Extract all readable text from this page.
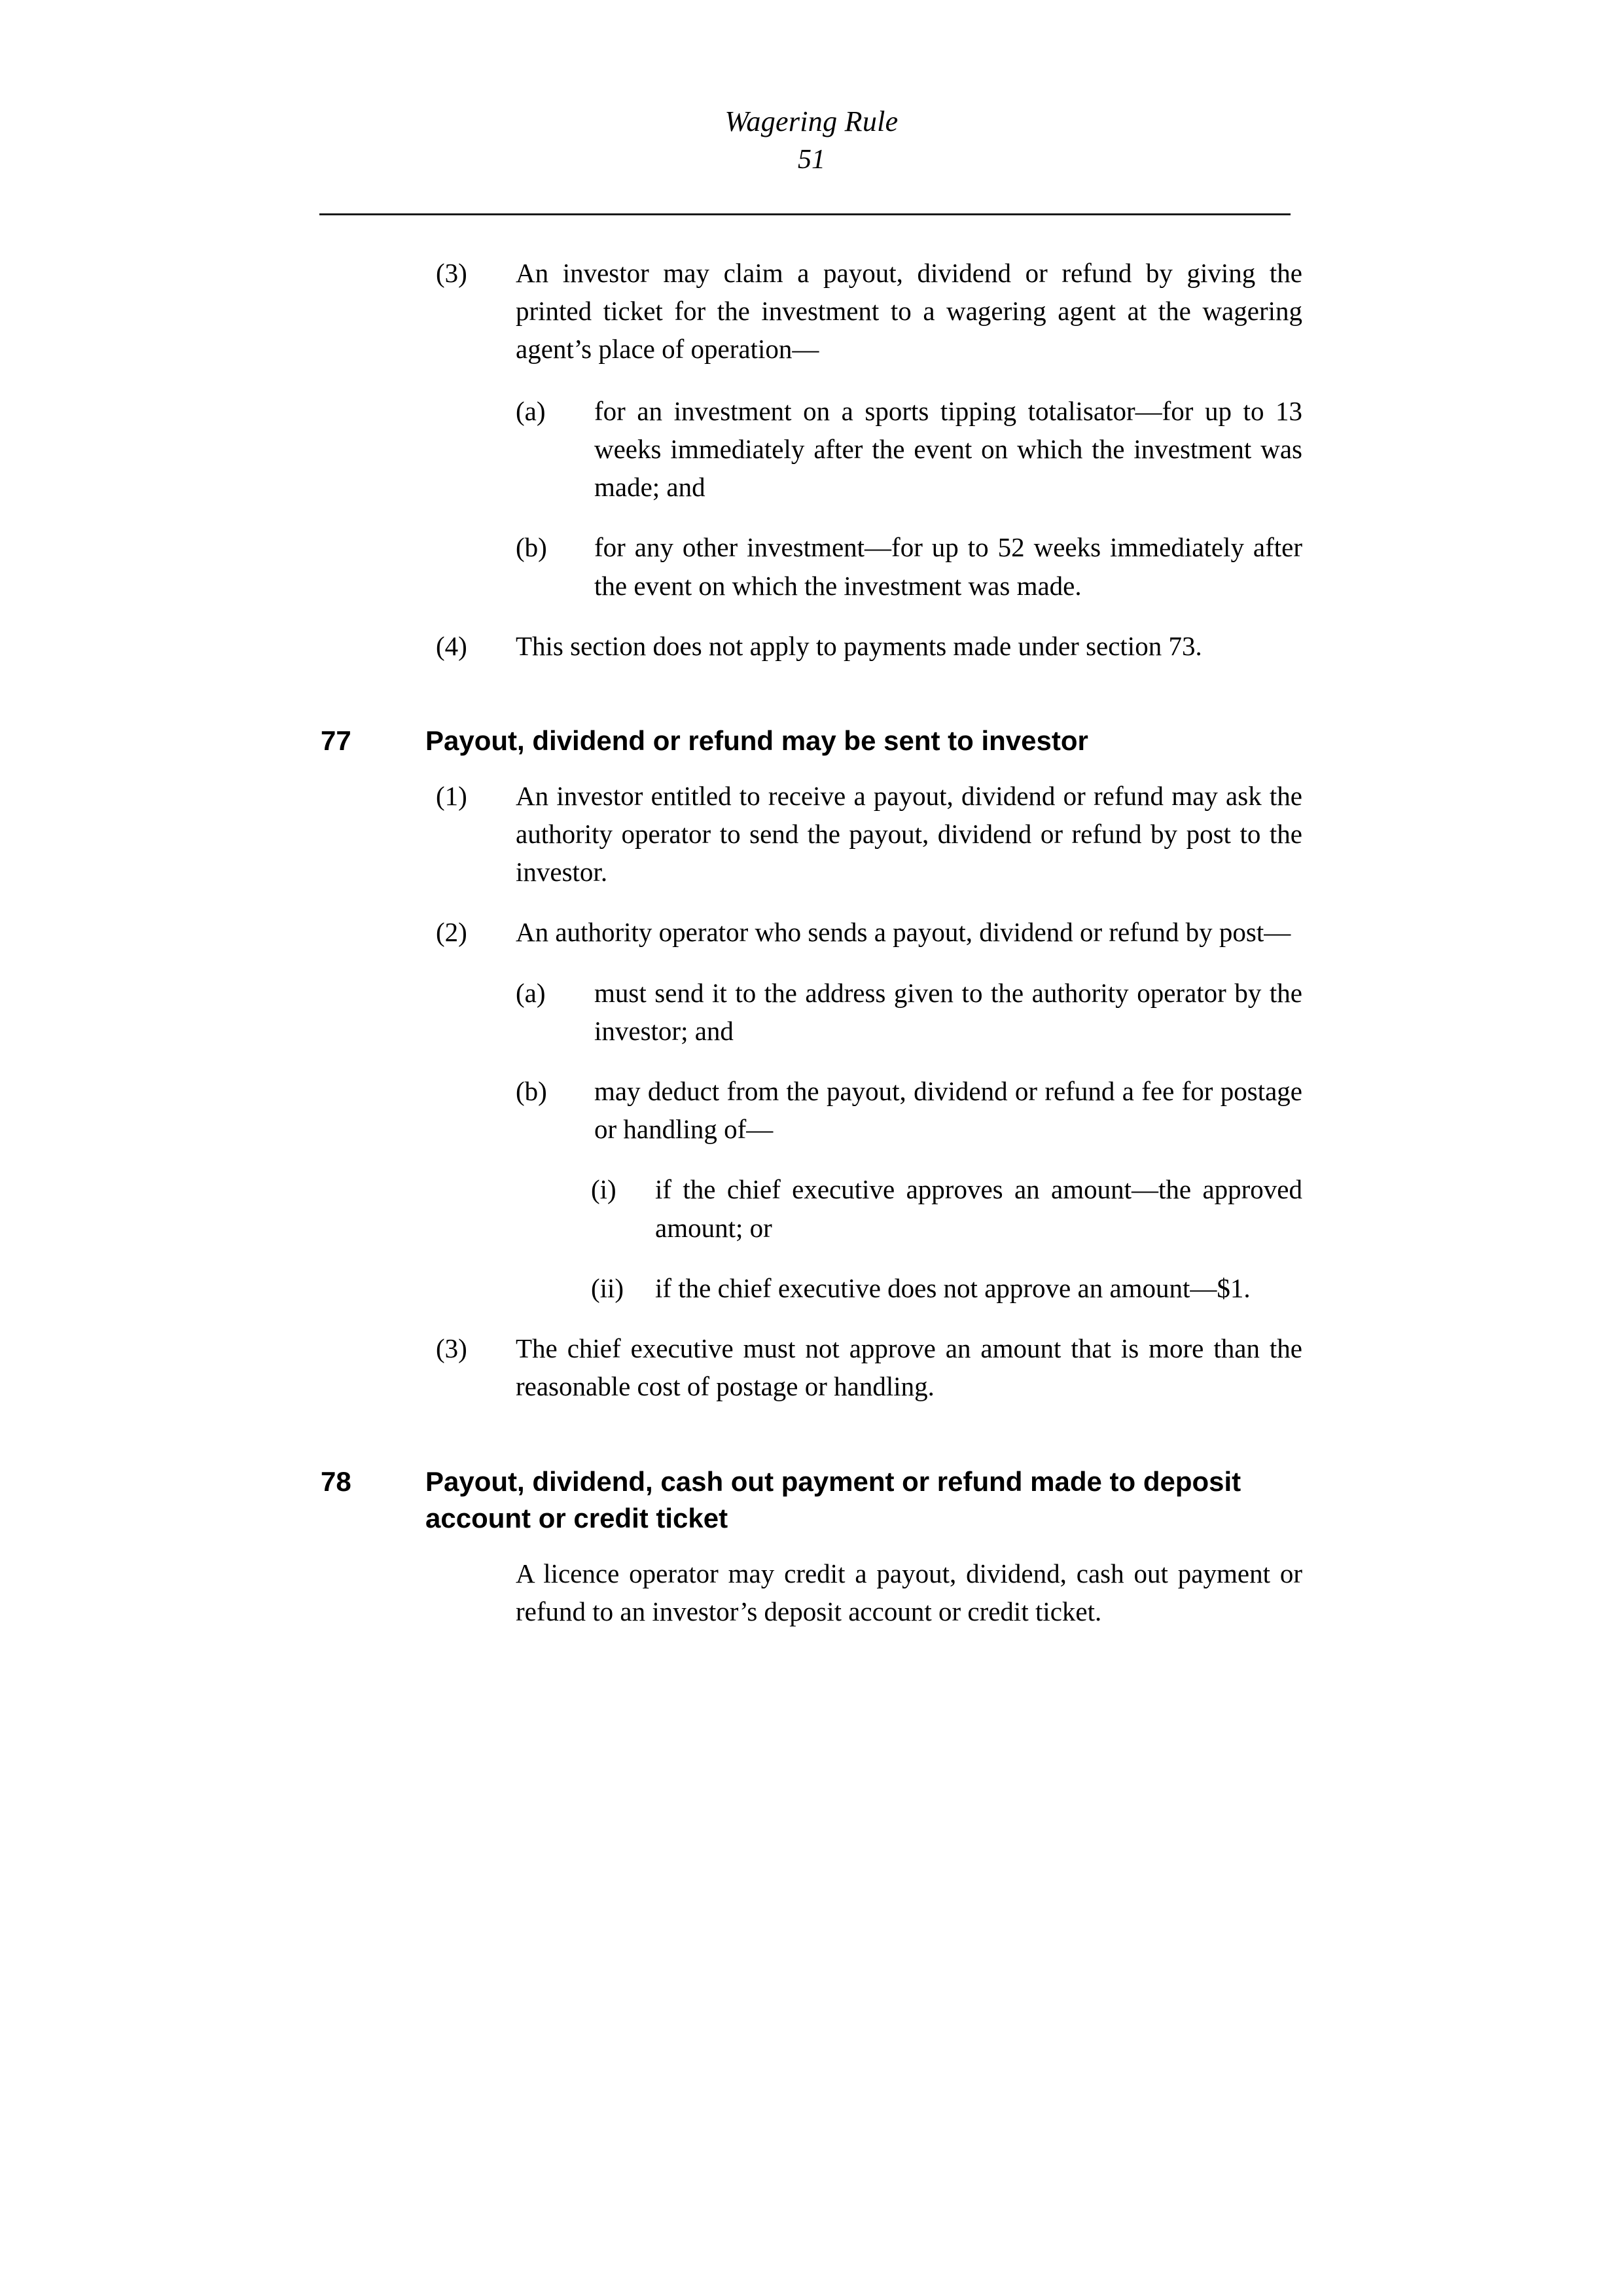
Wagering Rule
51
(3)	An investor may claim a payout, dividend or refund by giving the printed ticket for the investment to a wagering agent at the wagering agent’s place of operation—
(a)	for an investment on a sports tipping totalisator—for up to 13 weeks immediately after the event on which the investment was made; and
(b)	for any other investment—for up to 52 weeks immediately after the event on which the investment was made.
(4)	This section does not apply to payments made under section 73.
77	Payout, dividend or refund may be sent to investor
(1)	An investor entitled to receive a payout, dividend or refund may ask the authority operator to send the payout, dividend or refund by post to the investor.
(2)	An authority operator who sends a payout, dividend or refund by post—
(a)	must send it to the address given to the authority operator by the investor; and
(b)	may deduct from the payout, dividend or refund a fee for postage or handling of—
(i)	if the chief executive approves an amount—the approved amount; or
(ii)	if the chief executive does not approve an amount—$1.
(3)	The chief executive must not approve an amount that is more than the reasonable cost of postage or handling.
78	Payout, dividend, cash out payment or refund made to deposit account or credit ticket
A licence operator may credit a payout, dividend, cash out payment or refund to an investor’s deposit account or credit ticket.
